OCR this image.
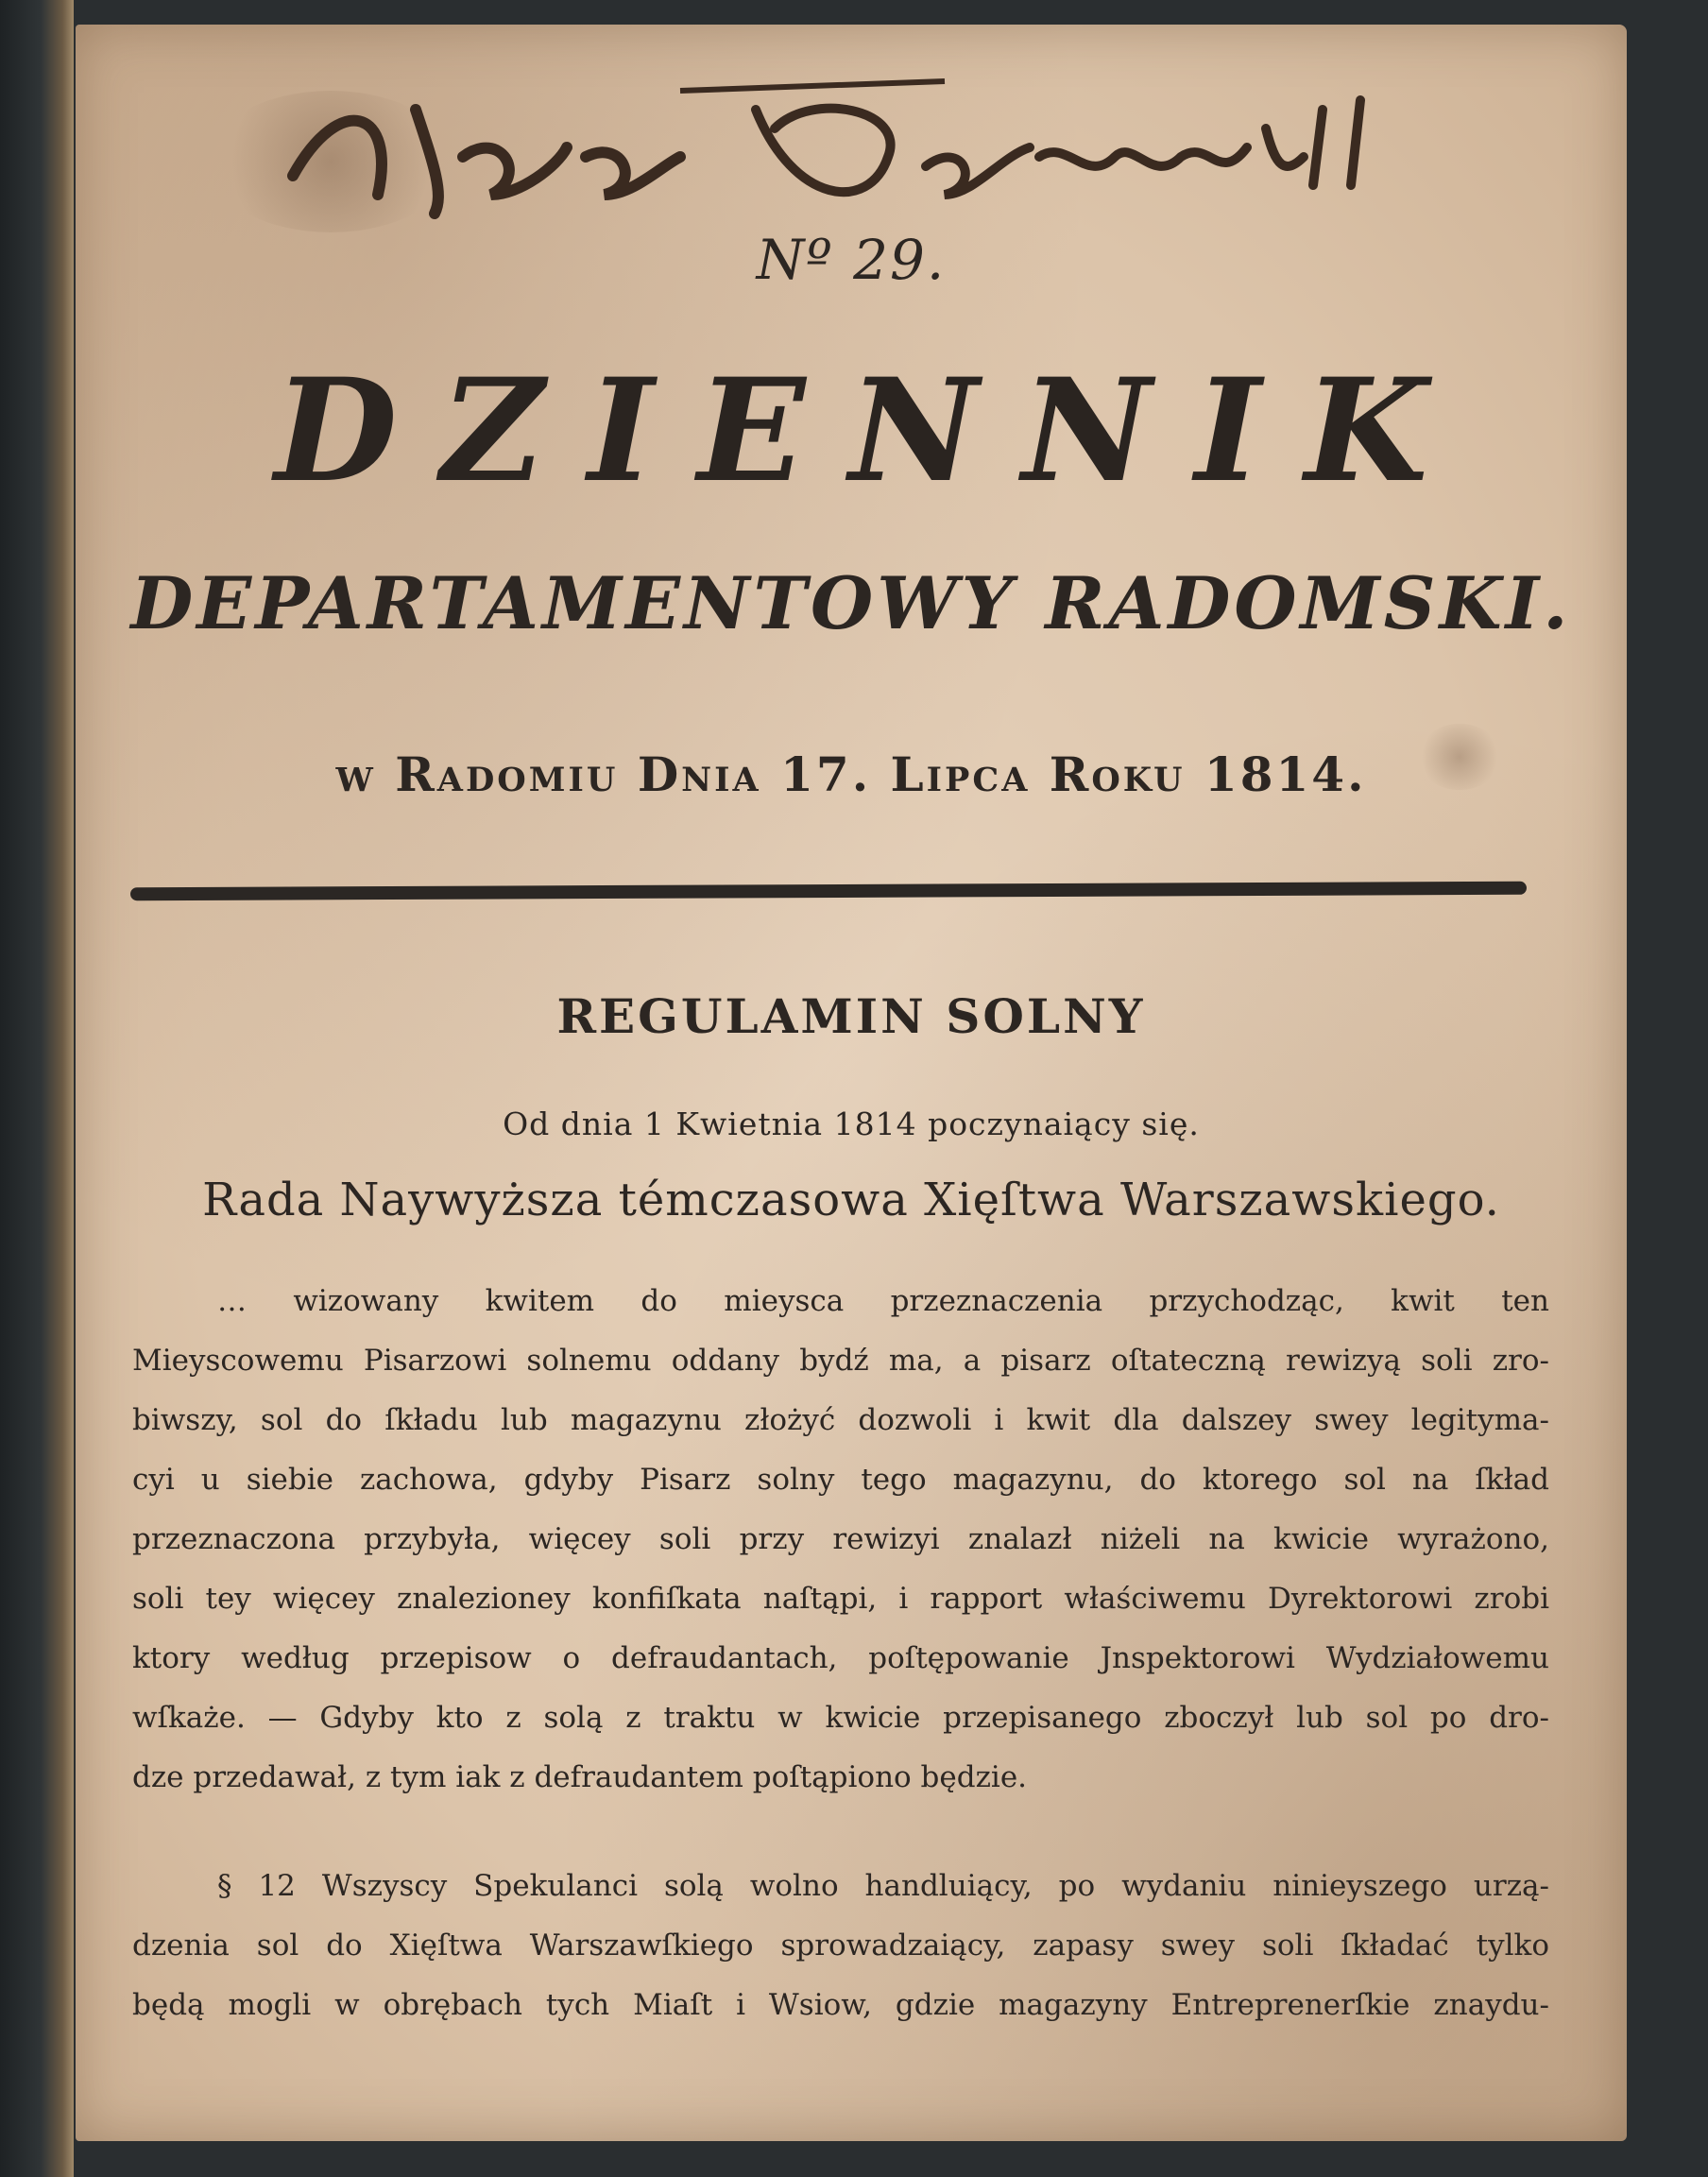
Nº 29.
DZIENNIK
DEPARTAMENTOWY RADOMSKI.
w Radomiu Dnia 17. Lipca Roku 1814.
REGULAMIN SOLNY
Od dnia 1 Kwietnia 1814 poczynaiący się.
Rada Naywyższa témczasowa Xięſtwa Warszawskiego.
… wizowany kwitem do mieysca przeznaczenia przychodząc, kwit ten
Mieyscowemu Pisarzowi solnemu oddany bydź ma, a pisarz oſtateczną rewizyą soli zro-
biwszy, sol do ſkładu lub magazynu złożyć dozwoli i kwit dla dalszey swey legityma-
cyi u siebie zachowa, gdyby Pisarz solny tego magazynu, do ktorego sol na ſkład
przeznaczona przybyła, więcey soli przy rewizyi znalazł niżeli na kwicie wyrażono,
soli tey więcey znalezioney konfiſkata naſtąpi, i rapport właściwemu Dyrektorowi zrobi
ktory według przepisow o defraudantach, poſtępowanie Jnspektorowi Wydziałowemu
wſkaże. — Gdyby kto z solą z traktu w kwicie przepisanego zboczył lub sol po dro-
dze przedawał, z tym iak z defraudantem poſtąpiono będzie.
§ 12 Wszyscy Spekulanci solą wolno handluiący, po wydaniu ninieyszego urzą-
dzenia sol do Xięſtwa Warszawſkiego sprowadzaiący, zapasy swey soli ſkładać tylko
będą mogli w obrębach tych Miaſt i Wsiow, gdzie magazyny Entreprenerſkie znaydu-
